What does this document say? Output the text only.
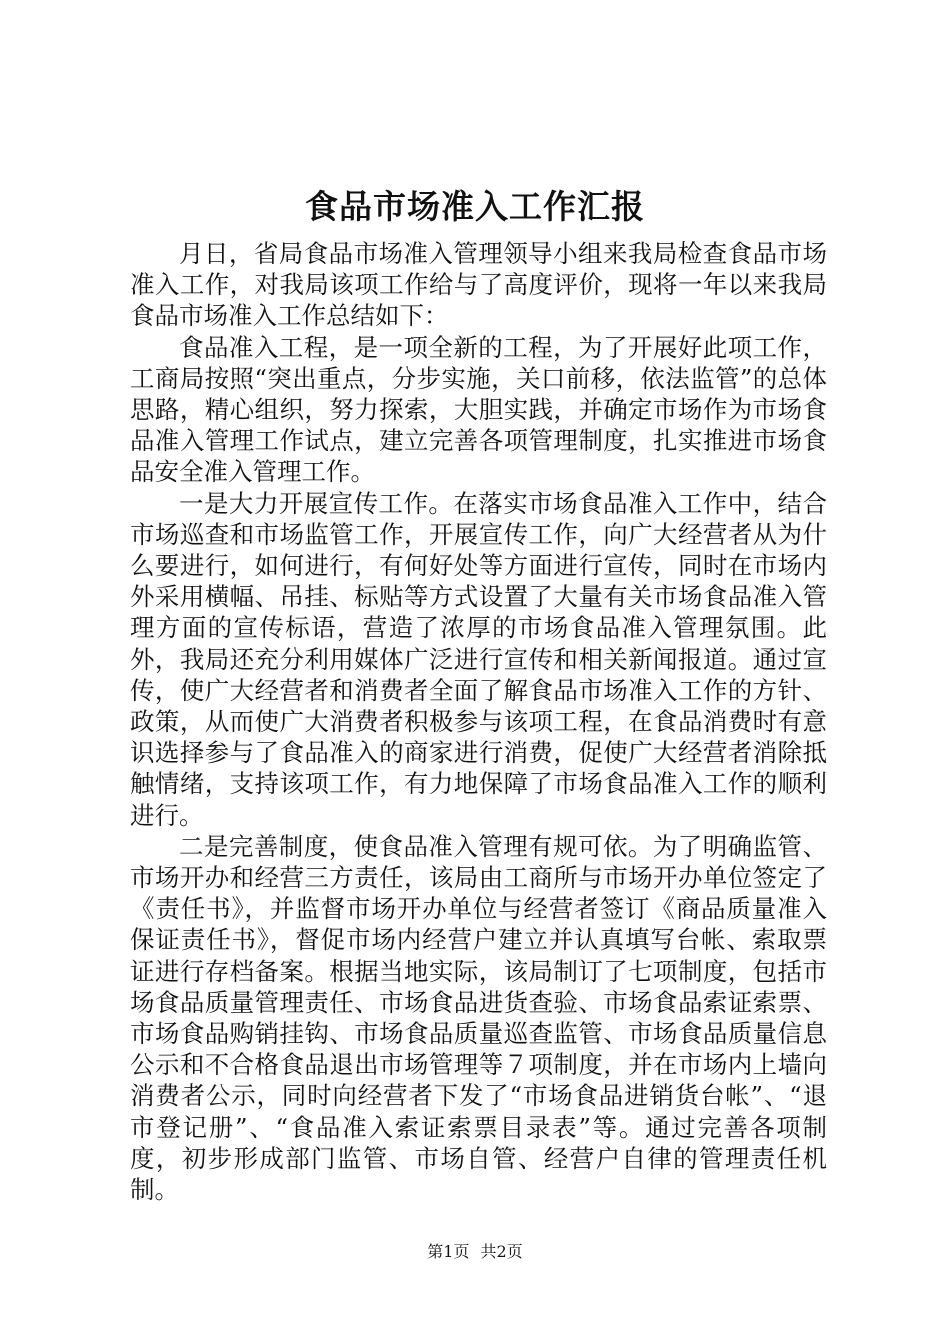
食品市场准入工作汇报

月日，省局食品市场准入管理领导小组来我局检查食品市场准入工作，对我局该项工作给与了高度评价，现将一年以来我局食品市场准入工作总结如下：

食品准入工程，是一项全新的工程，为了开展好此项工作，工商局按照“突出重点，分步实施，关口前移，依法监管”的总体思路，精心组织，努力探索，大胆实践，并确定市场作为市场食品准入管理工作试点，建立完善各项管理制度，扎实推进市场食品安全准入管理工作。

一是大力开展宣传工作。在落实市场食品准入工作中，结合市场巡查和市场监管工作，开展宣传工作，向广大经营者从为什么要进行，如何进行，有何好处等方面进行宣传，同时在市场内外采用横幅、吊挂、标贴等方式设置了大量有关市场食品准入管理方面的宣传标语，营造了浓厚的市场食品准入管理氛围。此外，我局还充分利用媒体广泛进行宣传和相关新闻报道。通过宣传，使广大经营者和消费者全面了解食品市场准入工作的方针、政策，从而使广大消费者积极参与该项工程，在食品消费时有意识选择参与了食品准入的商家进行消费，促使广大经营者消除抵触情绪，支持该项工作，有力地保障了市场食品准入工作的顺利进行。

二是完善制度，使食品准入管理有规可依。为了明确监管、市场开办和经营三方责任，该局由工商所与市场开办单位签定了《责任书》，并监督市场开办单位与经营者签订《商品质量准入保证责任书》，督促市场内经营户建立并认真填写台帐、索取票证进行存档备案。根据当地实际，该局制订了七项制度，包括市场食品质量管理责任、市场食品进货查验、市场食品索证索票、市场食品购销挂钩、市场食品质量巡查监管、市场食品质量信息公示和不合格食品退出市场管理等７项制度，并在市场内上墙向消费者公示，同时向经营者下发了“市场食品进销货台帐”、“退市登记册”、“食品准入索证索票目录表”等。通过完善各项制度，初步形成部门监管、市场自管、经营户自律的管理责任机制。

第1页 共2页
